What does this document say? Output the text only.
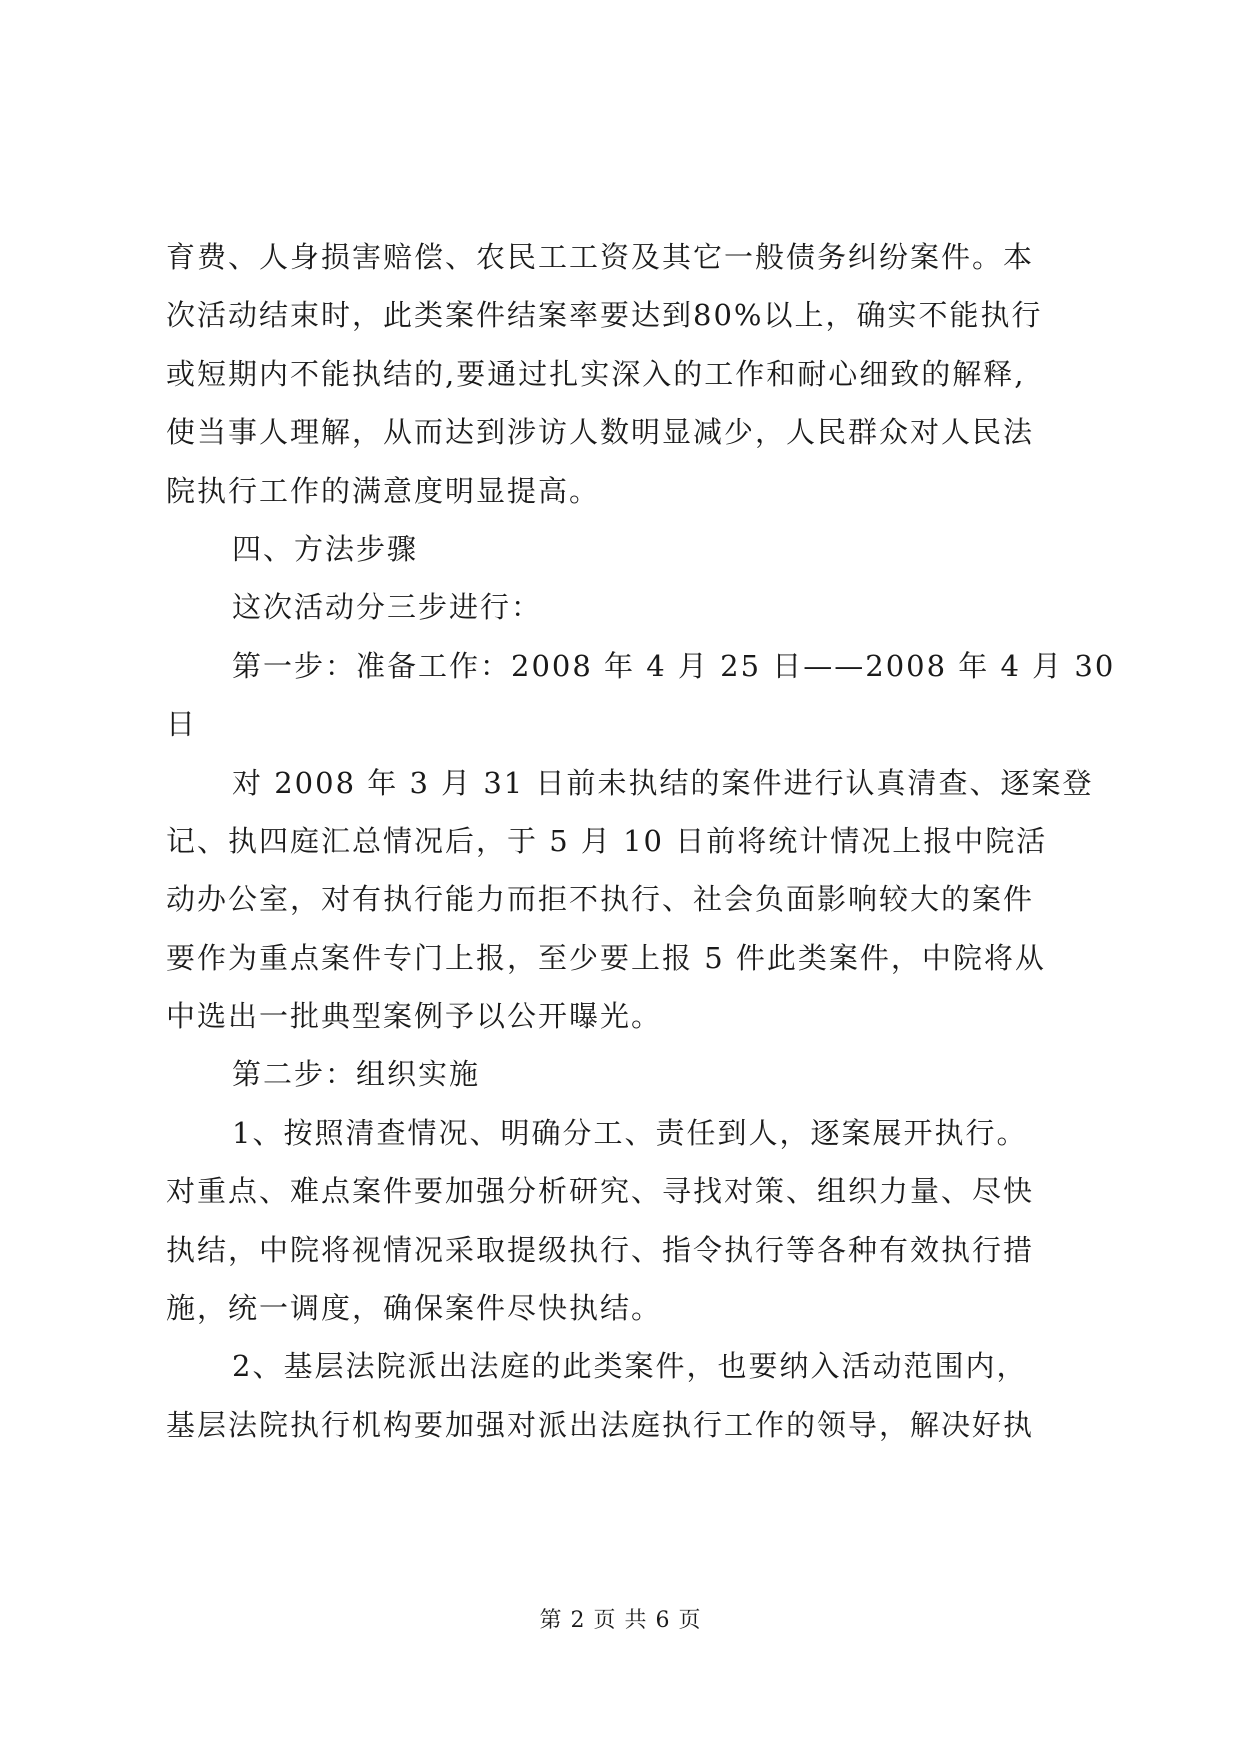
育费、人身损害赔偿、农民工工资及其它一般债务纠纷案件。本
次活动结束时，此类案件结案率要达到80%以上，确实不能执行
或短期内不能执结的,要通过扎实深入的工作和耐心细致的解释,
使当事人理解，从而达到涉访人数明显减少，人民群众对人民法
院执行工作的满意度明显提高。
四、方法步骤
这次活动分三步进行：
第一步：准备工作：2008 年 4 月 25 日——2008 年 4 月 30
日
对 2008 年 3 月 31 日前未执结的案件进行认真清查、逐案登
记、执四庭汇总情况后，于 5 月 10 日前将统计情况上报中院活
动办公室，对有执行能力而拒不执行、社会负面影响较大的案件
要作为重点案件专门上报，至少要上报 5 件此类案件，中院将从
中选出一批典型案例予以公开曝光。
第二步：组织实施
1、按照清查情况、明确分工、责任到人，逐案展开执行。
对重点、难点案件要加强分析研究、寻找对策、组织力量、尽快
执结，中院将视情况采取提级执行、指令执行等各种有效执行措
施，统一调度，确保案件尽快执结。
2、基层法院派出法庭的此类案件，也要纳入活动范围内，
基层法院执行机构要加强对派出法庭执行工作的领导，解决好执
第 2 页 共 6 页
